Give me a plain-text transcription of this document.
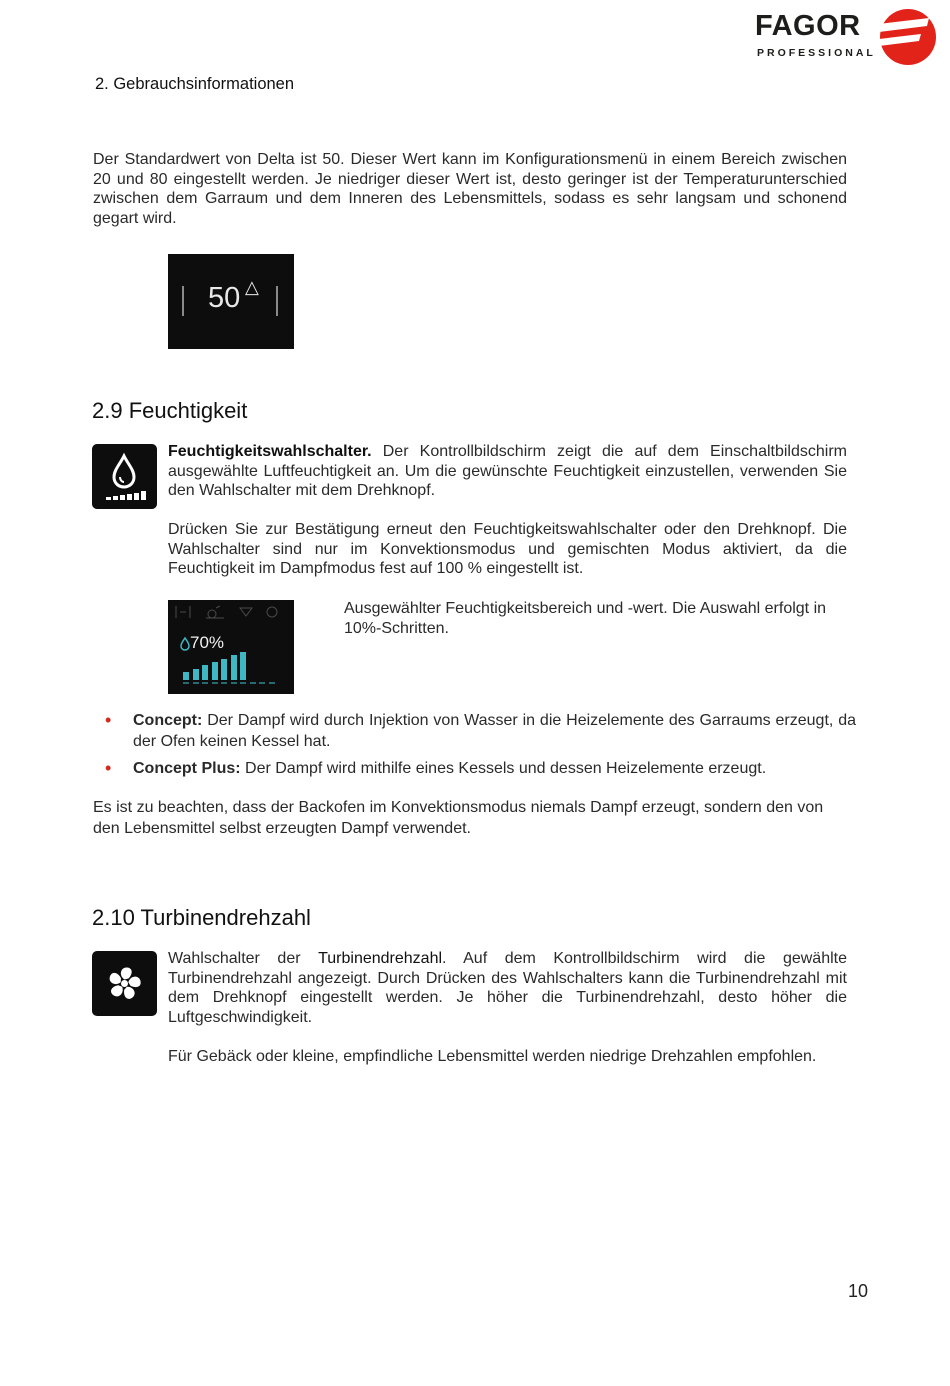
FAGOR
PROFESSIONAL
2. Gebrauchsinformationen
Der Standardwert von Delta ist 50. Dieser Wert kann im Konfigurationsmenü in einem Bereich zwischen 20 und 80 eingestellt werden. Je niedriger dieser Wert ist, desto geringer ist der Temperaturunterschied zwischen dem Garraum und dem Inneren des Lebensmittels, sodass es sehr langsam und schonend gegart wird.
50 △
2.9 Feuchtigkeit
Feuchtigkeitswahlschalter. Der Kontrollbildschirm zeigt die auf dem Einschaltbildschirm ausgewählte Luftfeuchtigkeit an. Um die gewünschte Feuchtigkeit einzustellen, verwenden Sie den Wahlschalter mit dem Drehknopf.
Drücken Sie zur Bestätigung erneut den Feuchtigkeitswahlschalter oder den Drehknopf. Die Wahlschalter sind nur im Konvektionsmodus und gemischten Modus aktiviert, da die Feuchtigkeit im Dampfmodus fest auf 100 % eingestellt ist.
70%
Ausgewählter Feuchtigkeitsbereich und -wert. Die Auswahl erfolgt in 10%-Schritten.
• Concept: Der Dampf wird durch Injektion von Wasser in die Heizelemente des Garraums erzeugt, da der Ofen keinen Kessel hat.
• Concept Plus: Der Dampf wird mithilfe eines Kessels und dessen Heizelemente erzeugt.
Es ist zu beachten, dass der Backofen im Konvektionsmodus niemals Dampf erzeugt, sondern den von den Lebensmittel selbst erzeugten Dampf verwendet.
2.10 Turbinendrehzahl
Wahlschalter der Turbinendrehzahl. Auf dem Kontrollbildschirm wird die gewählte Turbinendrehzahl angezeigt. Durch Drücken des Wahlschalters kann die Turbinendrehzahl mit dem Drehknopf eingestellt werden. Je höher die Turbinendrehzahl, desto höher die Luftgeschwindigkeit.
Für Gebäck oder kleine, empfindliche Lebensmittel werden niedrige Drehzahlen empfohlen.
10
